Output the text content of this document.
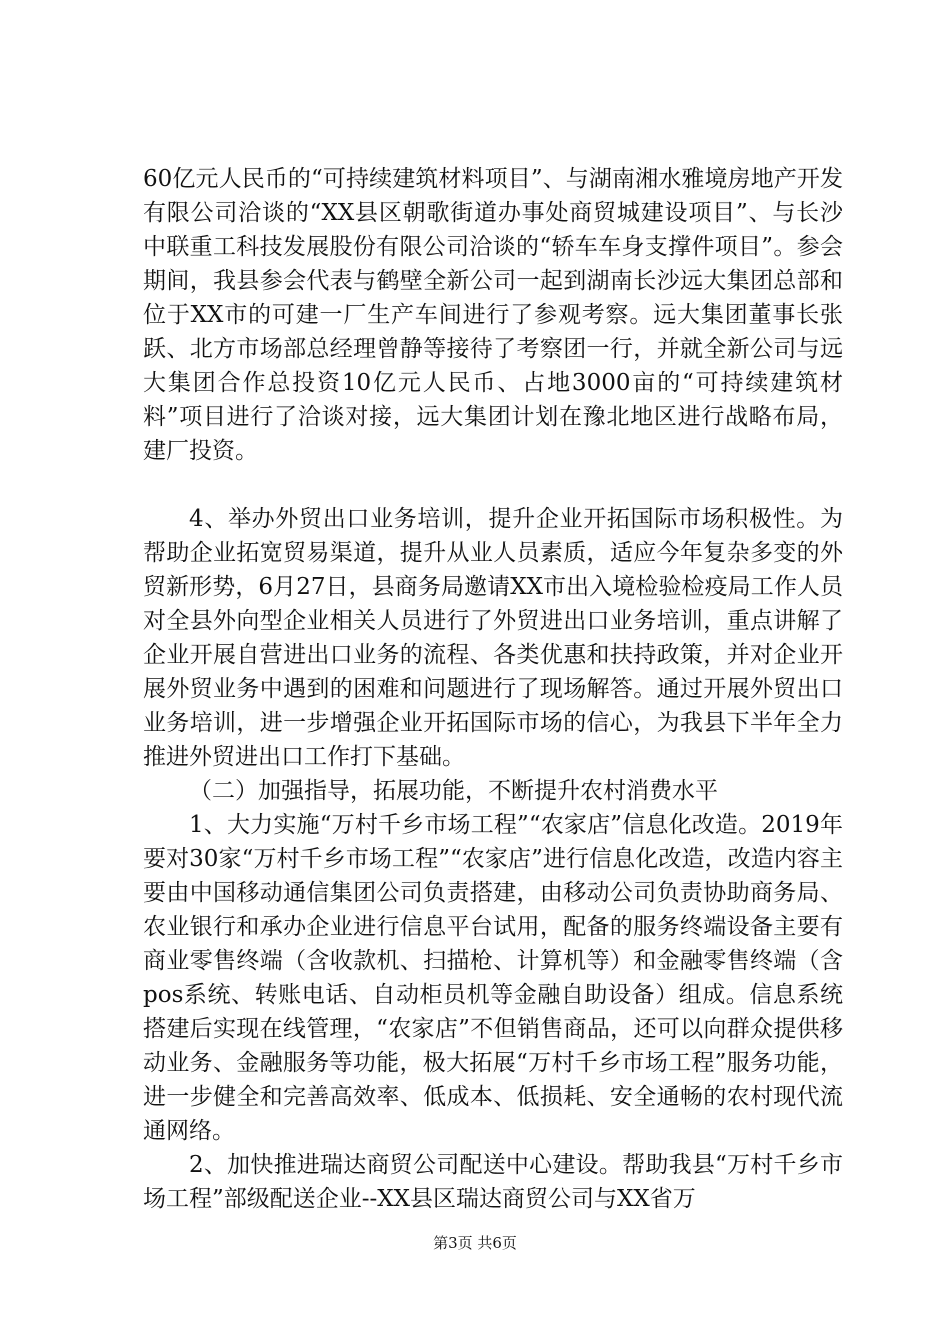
60亿元人民币的“可持续建筑材料项目”、与湖南湘水雅境房地产开发有限公司洽谈的“XX县区朝歌街道办事处商贸城建设项目”、与长沙中联重工科技发展股份有限公司洽谈的“轿车车身支撑件项目”。参会期间，我县参会代表与鹤壁全新公司一起到湖南长沙远大集团总部和位于XX市的可建一厂生产车间进行了参观考察。远大集团董事长张跃、北方市场部总经理曾静等接待了考察团一行，并就全新公司与远大集团合作总投资10亿元人民币、占地3000亩的“可持续建筑材料”项目进行了洽谈对接，远大集团计划在豫北地区进行战略布局，建厂投资。

4、举办外贸出口业务培训，提升企业开拓国际市场积极性。为帮助企业拓宽贸易渠道，提升从业人员素质，适应今年复杂多变的外贸新形势，6月27日，县商务局邀请XX市出入境检验检疫局工作人员对全县外向型企业相关人员进行了外贸进出口业务培训，重点讲解了企业开展自营进出口业务的流程、各类优惠和扶持政策，并对企业开展外贸业务中遇到的困难和问题进行了现场解答。通过开展外贸出口业务培训，进一步增强企业开拓国际市场的信心，为我县下半年全力推进外贸进出口工作打下基础。

（二）加强指导，拓展功能，不断提升农村消费水平

1、大力实施“万村千乡市场工程”“农家店”信息化改造。2019年要对30家“万村千乡市场工程”“农家店”进行信息化改造，改造内容主要由中国移动通信集团公司负责搭建，由移动公司负责协助商务局、农业银行和承办企业进行信息平台试用，配备的服务终端设备主要有商业零售终端（含收款机、扫描枪、计算机等）和金融零售终端（含pos系统、转账电话、自动柜员机等金融自助设备）组成。信息系统搭建后实现在线管理，“农家店”不但销售商品，还可以向群众提供移动业务、金融服务等功能，极大拓展“万村千乡市场工程”服务功能，进一步健全和完善高效率、低成本、低损耗、安全通畅的农村现代流通网络。

2、加快推进瑞达商贸公司配送中心建设。帮助我县“万村千乡市场工程”部级配送企业--XX县区瑞达商贸公司与XX省万

第3页 共6页
